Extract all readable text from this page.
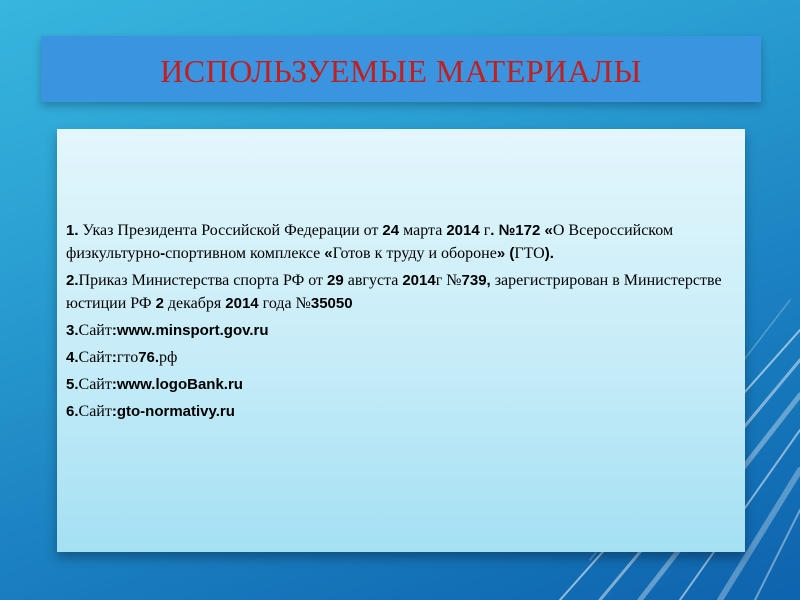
ИСПОЛЬЗУЕМЫЕ МАТЕРИАЛЫ
1. Указ Президента Российской Федерации от 24 марта 2014 г. №172 «О Всероссийском физкультурно-спортивном комплексе «Готов к труду и обороне» (ГТО).
2.Приказ Министерства спорта РФ от 29 августа 2014г №739, зарегистрирован в Министерстве юстиции РФ 2 декабря 2014 года №35050
3.Сайт:www.minsport.gov.ru
4.Сайт:гто76.рф
5.Сайт:www.logoBank.ru
6.Сайт:gto-normativy.ru
